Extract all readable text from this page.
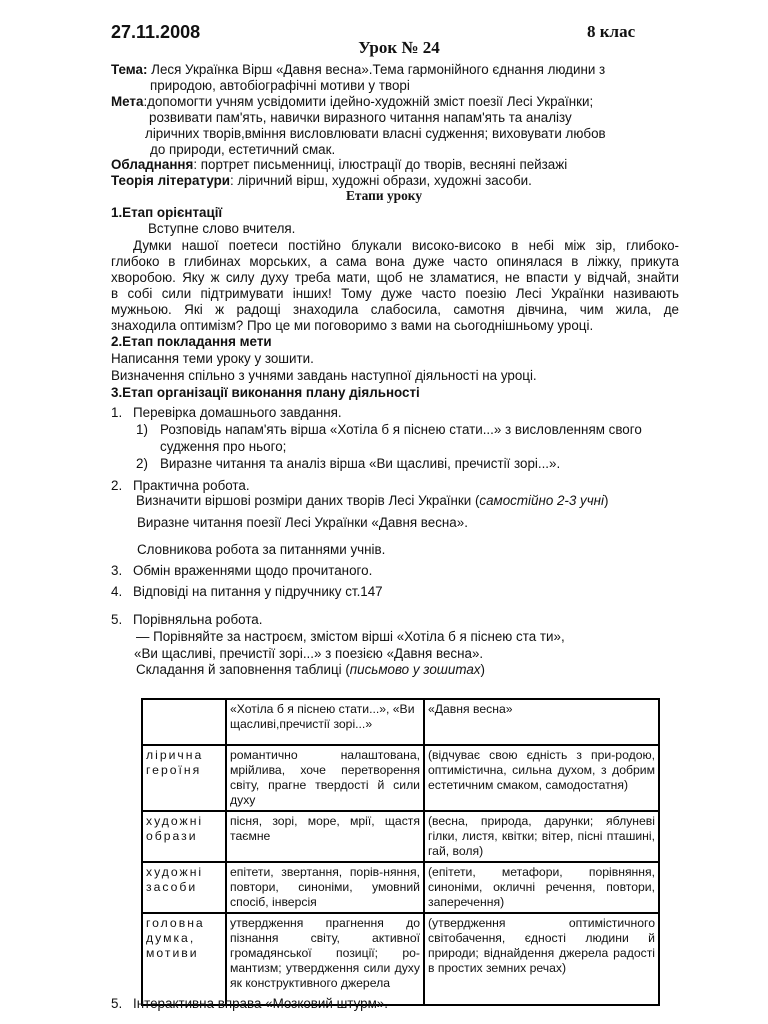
27.11.2008	8 клас
Урок № 24
Тема: Леся Українка Вірш «Давня весна».Тема гармонійного єднання людини з
природою, автобіографічні мотиви у творі
Мета:допомогти учням усвідомити ідейно-художній зміст поезії Лесі Українки;
розвивати пам'ять, навички виразного читання напам'ять та аналізу
ліричних творів,вміння висловлювати власні судження; виховувати любов
до природи, естетичний смак.
Обладнання: портрет письменниці, ілюстрації до творів, весняні пейзажі
Теорія літератури: ліричний вірш, художні образи, художні засоби.
Етапи уроку
1.Етап орієнтації
Вступне слово вчителя.
Думки нашої поетеси постійно блукали високо-високо в небі між зір, глибоко-
глибоко в глибинах морських, а сама вона дуже часто опинялася в ліжку, прикута
хворобою. Яку ж силу духу треба мати, щоб не зламатися, не впасти у відчай, знайти
в собі сили підтримувати інших! Тому дуже часто поезію Лесі Українки називають
мужньою. Які ж радощі знаходила слабосила, самотня дівчина, чим жила, де
знаходила оптимізм? Про це ми поговоримо з вами на сьогоднішньому уроці.
2.Етап покладання мети
Написання теми уроку у зошити.
Визначення спільно з учнями завдань наступної діяльності на уроці.
3.Етап організації виконання плану діяльності
1. Перевірка домашнього завдання.
1) Розповідь напам'ять вірша «Хотіла б я піснею стати...» з висловленням свого
судження про нього;
2) Виразне читання та аналіз вірша «Ви щасливі, пречистії зорі...».
2. Практична робота.
Визначити віршові розміри даних творів Лесі Українки (самостійно 2-3 учні)
Виразне читання поезії Лесі Українки «Давня весна».
Словникова робота за питаннями учнів.
3. Обмін враженнями щодо прочитаного.
4. Відповіді на питання у підручнику ст.147
5. Порівняльна робота.
— Порівняйте за настроєм, змістом вірші «Хотіла б я піснею ста ти»,
«Ви щасливі, пречистії зорі...» з поезією «Давня весна».
Складання й заповнення таблиці (письмово у зошитах)
	«Хотіла б я піснею стати...», «Ви щасливі,пречистії зорі...»	«Давня весна»
лірична героїня	романтично налаштована, мрійлива, хоче перетворення світу, прагне твердості й сили духу	(відчуває свою єдність з при-родою, оптимістична, сильна духом, з добрим естетичним смаком, самодостатня)
художні образи	пісня, зорі, море, мрії, щастя таємне	(весна, природа, дарунки; яблуневі гілки, листя, квітки; вітер, пісні пташині, гай, воля)
художні засоби	епітети, звертання, порів-няння, повтори, синоніми, умовний спосіб, інверсія	(епітети, метафори, порівняння, синоніми, окличні речення, повтори, заперечення)
головна думка, мотиви	утвердження прагнення до пізнання світу, активної громадянської позиції; ро-мантизм; утвердження сили духу як конструктивного джерела	(утвердження оптимістичного світобачення, єдності людини й природи; віднайдення джерела радості в простих земних речах)
5. Інтерактивна вправа «Мозковий штурм».
